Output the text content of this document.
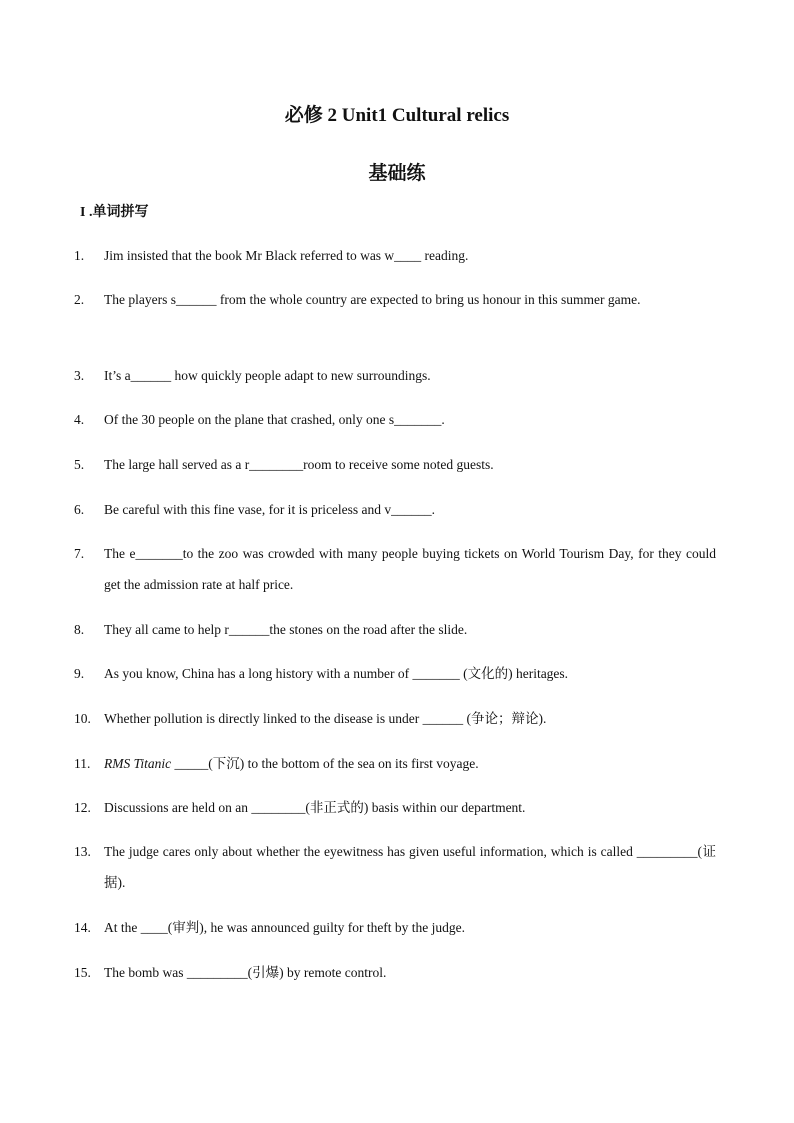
必修 2 Unit1 Cultural relics
基础练
I .单词拼写
1.	Jim insisted that the book Mr Black referred to was w____ reading.
2.	The players s______ from the whole country are expected to bring us honour in this summer game.
3.	It’s a______ how quickly people adapt to new surroundings.
4.	Of the 30 people on the plane that crashed, only one s_______.
5.	The large hall served as a r________room to receive some noted guests.
6.	Be careful with this fine vase, for it is priceless and v______.
7.	The e_______to the zoo was crowded with many people buying tickets on World Tourism Day, for they could get the admission rate at half price.
8.	They all came to help r______the stones on the road after the slide.
9.	As you know, China has a long history with a number of _______ (文化的) heritages.
10. Whether pollution is directly linked to the disease is under ______ (争论；辩论).
11.	RMS Titanic _____(下沉) to the bottom of the sea on its first voyage.
12. Discussions are held on an ________(非正式的) basis within our department.
13. The judge cares only about whether the eyewitness has given useful information, which is called _________(证据).
14. At the ____(审判), he was announced guilty for theft by the judge.
15. The bomb was _________(引爆) by remote control.
